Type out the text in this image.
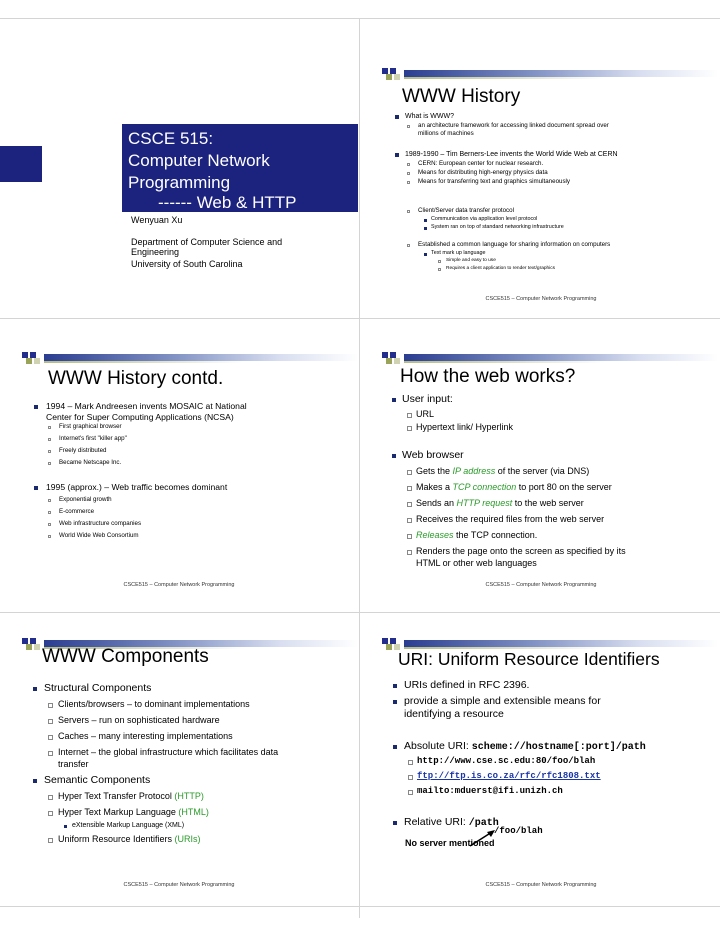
CSCE 515:
Computer Network
Programming
------ Web & HTTP
Wenyuan Xu
Department of Computer Science and
Engineering
University of South Carolina
WWW History
What is WWW?
an architecture framework for accessing linked document spread over
millions of machines
1989-1990 – Tim Berners-Lee invents the World Wide Web at CERN
CERN: European center for nuclear research.
Means for distributing high-energy physics data
Means for transferring text and graphics simultaneously
Client/Server data transfer protocol
Communication via application level protocol
System ran on top of standard networking infrastructure
Established a common language for sharing information on computers
Text mark up language
Simple and easy to use
Requires a client application to render text/graphics
CSCE515 – Computer Network Programming
WWW History contd.
1994 – Mark Andreesen invents MOSAIC at National
Center for Super Computing Applications (NCSA)
First graphical browser
Internet's first "killer app"
Freely distributed
Became Netscape Inc.
1995 (approx.) – Web traffic becomes dominant
Exponential growth
E-commerce
Web infrastructure companies
World Wide Web Consortium
CSCE515 – Computer Network Programming
How the web works?
User input:
URL
Hypertext link/ Hyperlink
Web browser
Gets the IP address of the server (via DNS)
Makes a TCP connection to port 80 on the server
Sends an HTTP request to the web server
Receives the required files from the web server
Releases the TCP connection.
Renders the page onto the screen as specified by its
HTML or other web languages
CSCE515 – Computer Network Programming
WWW Components
Structural Components
Clients/browsers – to dominant implementations
Servers – run on sophisticated hardware
Caches – many interesting implementations
Internet – the global infrastructure which facilitates data
transfer
Semantic Components
Hyper Text Transfer Protocol (HTTP)
Hyper Text Markup Language (HTML)
eXtensible Markup Language (XML)
Uniform Resource Identifiers (URIs)
CSCE515 – Computer Network Programming
URI: Uniform Resource Identifiers
URIs defined in RFC 2396.
provide a simple and extensible means for
identifying a resource
Absolute URI: scheme://hostname[:port]/path
http://www.cse.sc.edu:80/foo/blah
ftp://ftp.is.co.za/rfc/rfc1808.txt
mailto:mduerst@ifi.unizh.ch
Relative URI: /path
/foo/blah
No server mentioned
CSCE515 – Computer Network Programming
